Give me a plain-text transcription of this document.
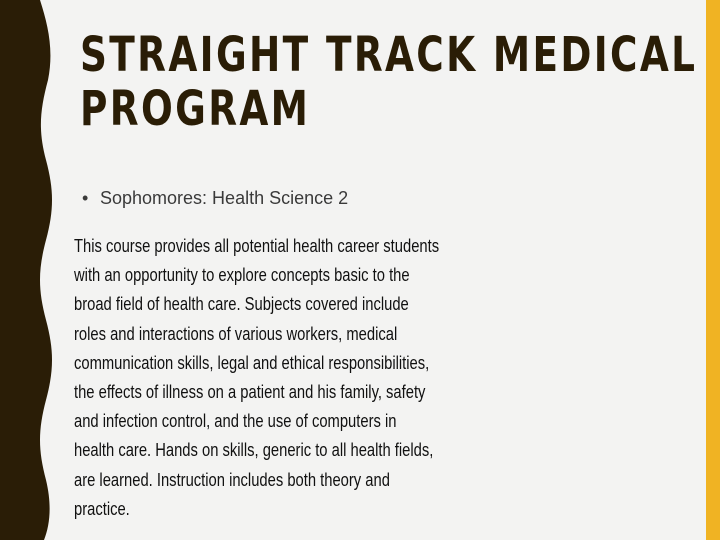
STRAIGHT TRACK MEDICAL
PROGRAM
• Sophomores: Health Science 2
This course provides all potential health career students
with an opportunity to explore concepts basic to the
broad field of health care. Subjects covered include
roles and interactions of various workers, medical
communication skills, legal and ethical responsibilities,
the effects of illness on a patient and his family, safety
and infection control, and the use of computers in
health care. Hands on skills, generic to all health fields,
are learned. Instruction includes both theory and
practice.
